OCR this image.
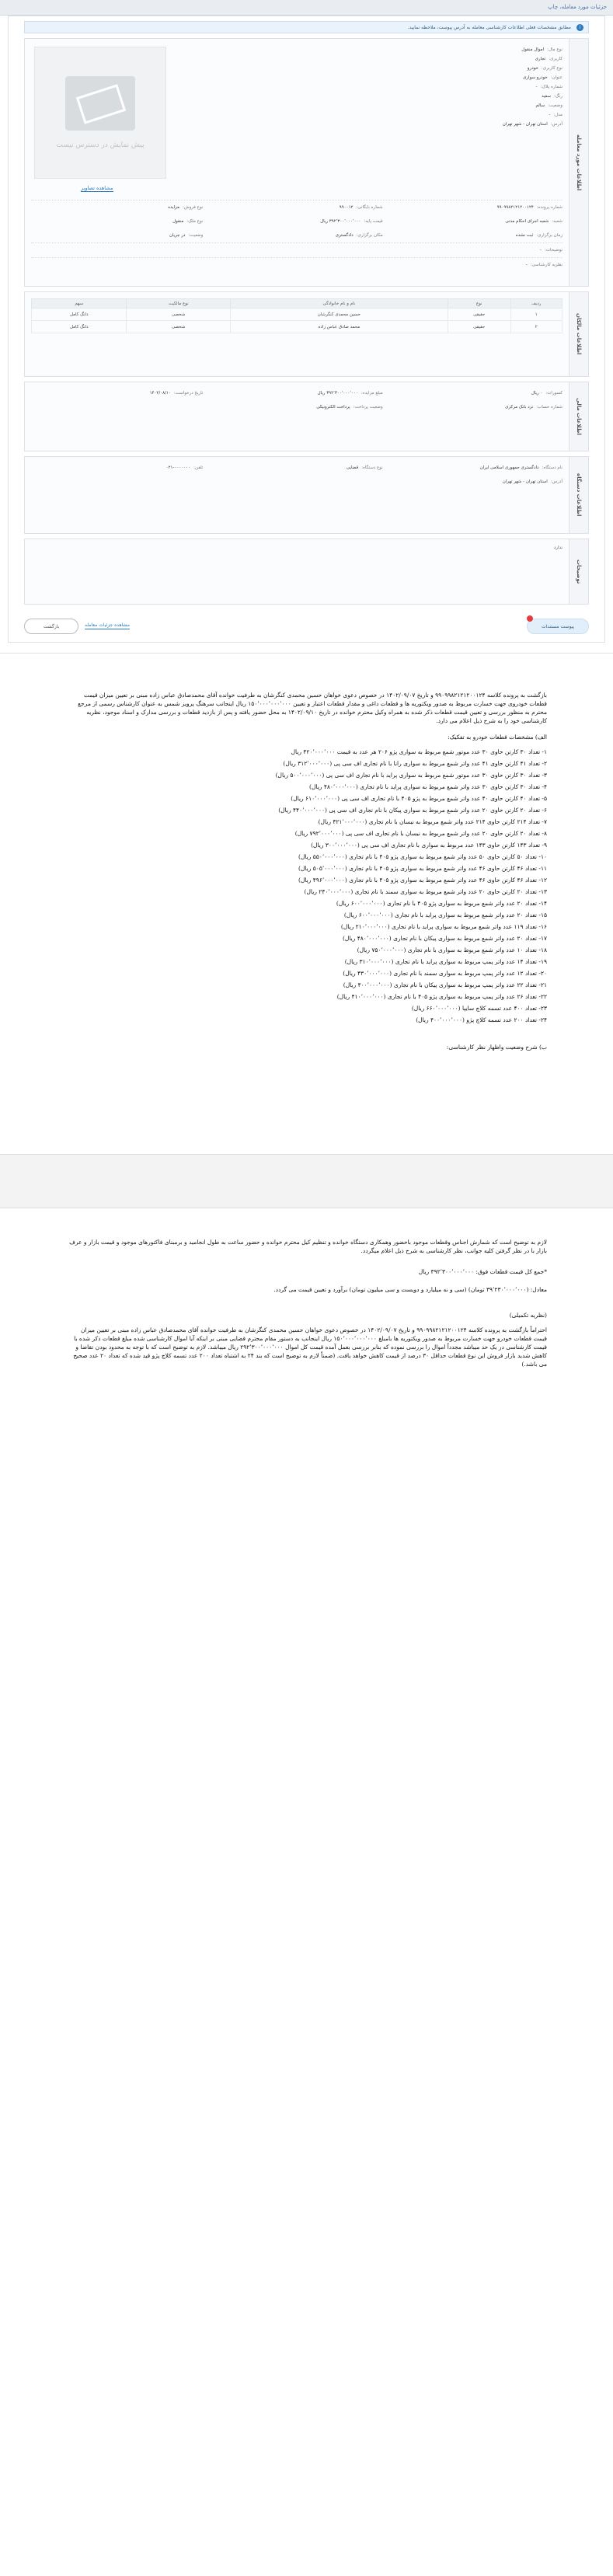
جزئیات مورد معامله، چاپ
i
مطابق مشخصات فعلی اطلاعات کارشناسی معامله به آدرس پیوست، ملاحظه نمایید.
اطلاعات مورد معامله
نوع مال:
اموال منقول
کاربری:
تجاری
نوع کاربری:
خودرو
عنوان:
خودرو سواری
شماره پلاک:
-
رنگ:
سفید
وضعیت:
سالم
مدل:
-
آدرس:
استان تهران - شهر تهران
پیش نمایش در دسترس نیست
مشاهده تصاویر
شماره پرونده:
۹۹۰۹۹۸۲۱۲۱۲۰۰۱۲۴
شماره بایگانی:
۹۹۰۰۱۲
نوع فروش:
مزایده
شعبه:
شعبه اجرای احکام مدنی
قیمت پایه:
۳۹۲٬۳۰۰٬۰۰۰٬۰۰۰ ریال
نوع ملک:
منقول
زمان برگزاری:
ثبت نشده
مکان برگزاری:
دادگستری
وضعیت:
در جریان
توضیحات:
-
نظریه کارشناسی:
-
اطلاعات مالکان
ردیف	نوع	نام و نام خانوادگی	نوع مالکیت	سهم
۱	حقیقی	حسین محمدی کنگرشان	شخصی	دانگ کامل
۲	حقیقی	محمد صادق عباس زاده	شخصی	دانگ کامل
اطلاعات مالی
کسورات:
۰ ریال
مبلغ مزایده:
۳۹۲٬۳۰۰٬۰۰۰٬۰۰۰ ریال
تاریخ درخواست:
۱۴۰۲/۰۸/۱۰
شماره حساب:
نزد بانک مرکزی
وضعیت پرداخت:
پرداخت الکترونیکی
اطلاعات دستگاه
نام دستگاه:
دادگستری جمهوری اسلامی ایران
نوع دستگاه:
قضایی
تلفن:
۰۲۱-۰۰۰۰۰۰۰
آدرس:
استان تهران - شهر تهران
توضیحات
ندارد
بازگشت	مشاهده جزئیات معامله	پیوست مستندات

بازگشت به پرونده کلاسه ۹۹۰۹۹۸۲۱۲۱۲۰۰۱۲۴ و تاریخ ۱۴۰۲/۰۹/۰۷ در خصوص دعوی خواهان حسین محمدی کنگرشان به طرفیت خوانده آقای محمدصادق عباس زاده مبنی بر تعیین میزان قیمت قطعات خودروی جهت خسارت مربوط به صدور ویکتوریه ها و قطعات داغی و مقدار قطعات اعتبار و تعیین ۱۵۰٬۰۰۰٬۰۰۰٬۰۰۰ ریال اینجانب سرهنگ پرویز شمس به عنوان کارشناس رسمی از مرجع محترم به منظور بررسی و تعیین قیمت قطعات ذکر شده به همراه وکیل محترم خوانده در تاریخ ۱۴۰۲/۰۹/۱۰ به محل حضور یافته و پس از بازدید قطعات و بررسی مدارک و اسناد موجود، نظریه کارشناسی خود را به شرح ذیل اعلام می دارد.

الف) مشخصات قطعات خودرو به تفکیک:

۱- تعداد ۳۰ کارتن حاوی ۳۰ عدد موتور شمع مربوط به سواری پژو ۲۰۶ هر عدد به قیمت ۴۲۰٬۰۰۰٬۰۰۰ ریال

۲- تعداد ۴۱ کارتن حاوی ۴۱ عدد واتر شمع مربوط به سواری رانا با نام تجاری اف سی پی (۳۱۲٬۰۰۰٬۰۰۰ ریال)

۳- تعداد ۳۰ کارتن حاوی ۳۰ عدد موتور شمع مربوط به سواری پراید با نام تجاری اف سی پی (۵۰۰٬۰۰۰٬۰۰۰ ریال)

۴- تعداد ۳۰ کارتن حاوی ۳۰ عدد واتر شمع مربوط به سواری پراید با نام تجاری (۴۸۰٬۰۰۰٬۰۰۰ ریال)

۵- تعداد ۴۰ کارتن حاوی ۴۰ عدد واتر شمع مربوط به پژو ۴۰۵ با نام تجاری اف سی پی (۶۱۰٬۰۰۰٬۰۰۰ ریال)

۶- تعداد ۲۰ کارتن حاوی ۲۰ عدد واتر شمع مربوط به سواری پیکان با نام تجاری اف سی پی (۴۴۰٬۰۰۰٬۰۰۰ ریال)

۷- تعداد ۲۱۴ کارتن حاوی ۲۱۴ عدد واتر شمع مربوط به نیسان با نام تجاری (۴۲۱٬۰۰۰٬۰۰۰ ریال)

۸- تعداد ۲۰ کارتن حاوی ۲۰ عدد واتر شمع مربوط به نیسان با نام تجاری اف سی پی (۷۹۲٬۰۰۰٬۰۰۰ ریال)

۹- تعداد ۱۴۳ کارتن حاوی ۱۴۳ عدد مربوط به سواری با نام تجاری اف سی پی (۳۰۰٬۰۰۰٬۰۰۰ ریال)

۱۰- تعداد ۵۰ کارتن حاوی ۵۰ عدد واتر شمع مربوط به سواری پژو ۴۰۵ با نام تجاری (۵۵۰٬۰۰۰٬۰۰۰ ریال)

۱۱- تعداد ۴۶ کارتن حاوی ۴۶ عدد واتر شمع مربوط به سواری پژو ۴۰۵ با نام تجاری (۵۰۵٬۰۰۰٬۰۰۰ ریال)

۱۲- تعداد ۴۶ کارتن حاوی ۴۶ عدد واتر شمع مربوط به سواری پژو ۴۰۵ با نام تجاری (۴۹۶٬۰۰۰٬۰۰۰ ریال)

۱۳- تعداد ۲۰ کارتن حاوی ۲۰ عدد واتر شمع مربوط به سواری سمند با نام تجاری (۲۴۰٬۰۰۰٬۰۰۰ ریال)

۱۴- تعداد ۲۰ عدد واتر شمع مربوط به سواری پژو ۴۰۵ با نام تجاری (۶۰۰٬۰۰۰٬۰۰۰ ریال)

۱۵- تعداد ۲۰ عدد واتر شمع مربوط به سواری پراید با نام تجاری (۶۰۰٬۰۰۰٬۰۰۰ ریال)

۱۶- تعداد ۱۱۹ عدد واتر شمع مربوط به سواری پراید با نام تجاری (۲۱۰٬۰۰۰٬۰۰۰ ریال)

۱۷- تعداد ۲۰ عدد واتر شمع مربوط به سواری پیکان با نام تجاری (۴۸۰٬۰۰۰٬۰۰۰ ریال)

۱۸- تعداد ۱۰ عدد واتر شمع مربوط به سواری با نام تجاری (۷۵۰٬۰۰۰٬۰۰۰ ریال)

۱۹- تعداد ۱۴ عدد واتر پمپ مربوط به سواری پراید با نام تجاری (۳۱۰٬۰۰۰٬۰۰۰ ریال)

۲۰- تعداد ۱۲ عدد واتر پمپ مربوط به سواری سمند با نام تجاری (۴۳۰٬۰۰۰٬۰۰۰ ریال)

۲۱- تعداد ۲۲ عدد واتر پمپ مربوط به سواری پیکان با نام تجاری (۴۰۰٬۰۰۰٬۰۰۰ ریال)

۲۲- تعداد ۲۶ عدد واتر پمپ مربوط به سواری پژو ۴۰۵ با نام تجاری (۴۱۰٬۰۰۰٬۰۰۰ ریال)

۲۳- تعداد ۴۰۰ عدد تسمه کلاچ سایپا (۶۶۰٬۰۰۰٬۰۰۰ ریال)

۲۴- تعداد ۲۰۰ عدد تسمه کلاچ پژو (۴۰۰٬۰۰۰٬۰۰۰ ریال)

ب) شرح وضعیت واظهار نظر کارشناسی:

لازم به توضیح است که شمارش اجناس وقطعات موجود باحضور وهمکاری دستگاه خوانده و تنظیم کیل محترم خوانده و حضور ساعت به طول انجامید و برمبنای فاکتورهای موجود و قیمت بازار و عرف بازار با در نظر گرفتن کلیه جوانب، نظر کارشناسی به شرح ذیل اعلام میگردد.

*جمع کل قیمت قطعات فوق: ۳۹۲٬۳۰۰٬۰۰۰٬۰۰۰ ریال

معادل: (۳۹٬۲۳۰٬۰۰۰٬۰۰۰ تومان) (سی و نه میلیارد و دویست و سی میلیون تومان) برآورد و تعیین قیمت می گردد.

(نظریه تکمیلی)

احتراماً بازگشت به پرونده کلاسه ۹۹۰۹۹۸۲۱۲۱۲۰۰۱۲۴ و تاریخ ۱۴۰۲/۰۹/۰۷ در خصوص دعوی خواهان حسین محمدی کنگرشان به طرفیت خوانده آقای محمدصادق عباس زاده مبنی بر تعیین میزان قیمت قطعات خودرو جهت خسارت مربوط به صدور ویکتوریه ها بامبلغ ۱۵۰٬۰۰۰٬۰۰۰٬۰۰۰ ریال اینجانب به دستور مقام محترم قضایی مبنی بر اینکه آیا اموال کارشناسی شده مبلغ قطعات ذکر شده با قیمت کارشناسی در یک حد میباشد مجدداً اموال را بررسی نموده که بنابر بررسی بعمل آمده قیمت کل اموال ۲۹۲٬۳۰۰٬۰۰۰٬۰۰۰ ریال میباشد. لازم به توضیح است که با توجه به محدود بودن تقاضا و کاهش شدید بازار فروش این نوع قطعات حداقل ۳۰ درصد از قیمت کاهش خواهد یافت. (ضمناً لازم به توضیح است که بند ۲۴ به اشتباه تعداد ۲۰۰ عدد تسمه کلاچ پژو قید شده که تعداد ۲۰ عدد صحیح می باشد.)
